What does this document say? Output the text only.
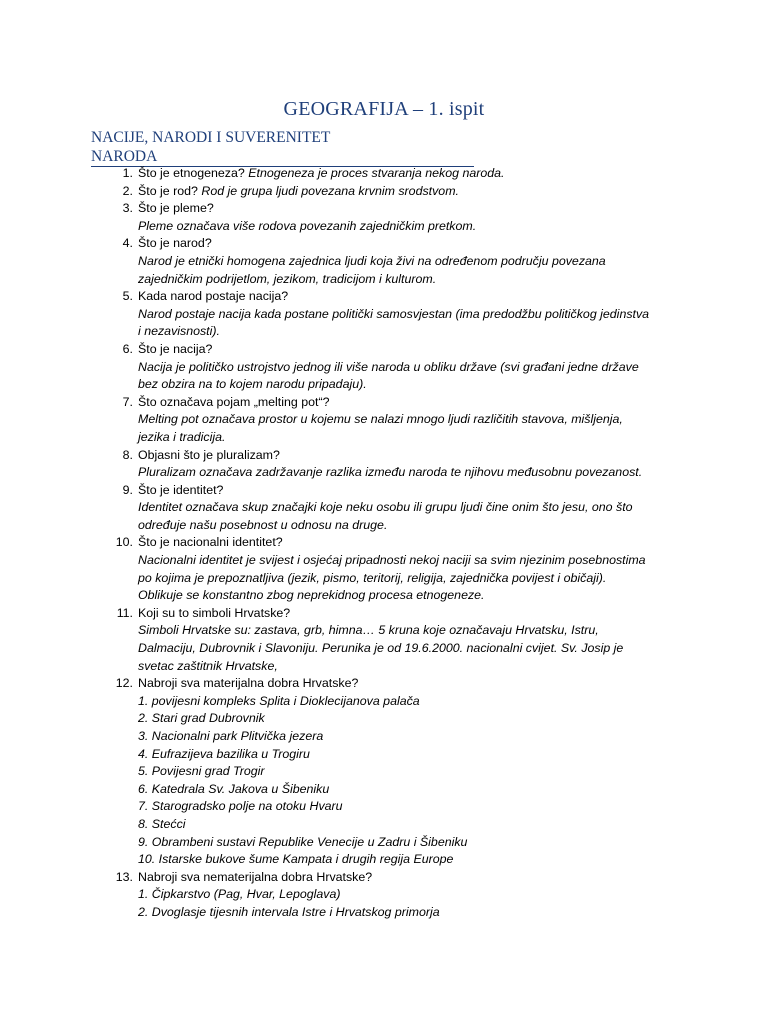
GEOGRAFIJA – 1. ispit
NACIJE, NARODI I SUVERENITET
NARODA
1. Što je etnogeneza? Etnogeneza je proces stvaranja nekog naroda.
2. Što je rod? Rod je grupa ljudi povezana krvnim srodstvom.
3. Što je pleme?
Pleme označava više rodova povezanih zajedničkim pretkom.
4. Što je narod?
Narod je etnički homogena zajednica ljudi koja živi na određenom području povezana
zajedničkim podrijetlom, jezikom, tradicijom i kulturom.
5. Kada narod postaje nacija?
Narod postaje nacija kada postane politički samosvjestan (ima predodžbu političkog jedinstva
i nezavisnosti).
6. Što je nacija?
Nacija je političko ustrojstvo jednog ili više naroda u obliku države (svi građani jedne države
bez obzira na to kojem narodu pripadaju).
7. Što označava pojam „melting pot“?
Melting pot označava prostor u kojemu se nalazi mnogo ljudi različitih stavova, mišljenja,
jezika i tradicija.
8. Objasni što je pluralizam?
Pluralizam označava zadržavanje razlika između naroda te njihovu međusobnu povezanost.
9. Što je identitet?
Identitet označava skup značajki koje neku osobu ili grupu ljudi čine onim što jesu, ono što
određuje našu posebnost u odnosu na druge.
10. Što je nacionalni identitet?
Nacionalni identitet je svijest i osjećaj pripadnosti nekoj naciji sa svim njezinim posebnostima
po kojima je prepoznatljiva (jezik, pismo, teritorij, religija, zajednička povijest i običaji).
Oblikuje se konstantno zbog neprekidnog procesa etnogeneze.
11. Koji su to simboli Hrvatske?
Simboli Hrvatske su: zastava, grb, himna… 5 kruna koje označavaju Hrvatsku, Istru,
Dalmaciju, Dubrovnik i Slavoniju. Perunika je od 19.6.2000. nacionalni cvijet. Sv. Josip je
svetac zaštitnik Hrvatske,
12. Nabroji sva materijalna dobra Hrvatske?
1. povijesni kompleks Splita i Dioklecijanova palača
2. Stari grad Dubrovnik
3. Nacionalni park Plitvička jezera
4. Eufrazijeva bazilika u Trogiru
5. Povijesni grad Trogir
6. Katedrala Sv. Jakova u Šibeniku
7. Starogradsko polje na otoku Hvaru
8. Stećci
9. Obrambeni sustavi Republike Venecije u Zadru i Šibeniku
10. Istarske bukove šume Kampata i drugih regija Europe
13. Nabroji sva nematerijalna dobra Hrvatske?
1. Čipkarstvo (Pag, Hvar, Lepoglava)
2. Dvoglasje tijesnih intervala Istre i Hrvatskog primorja
